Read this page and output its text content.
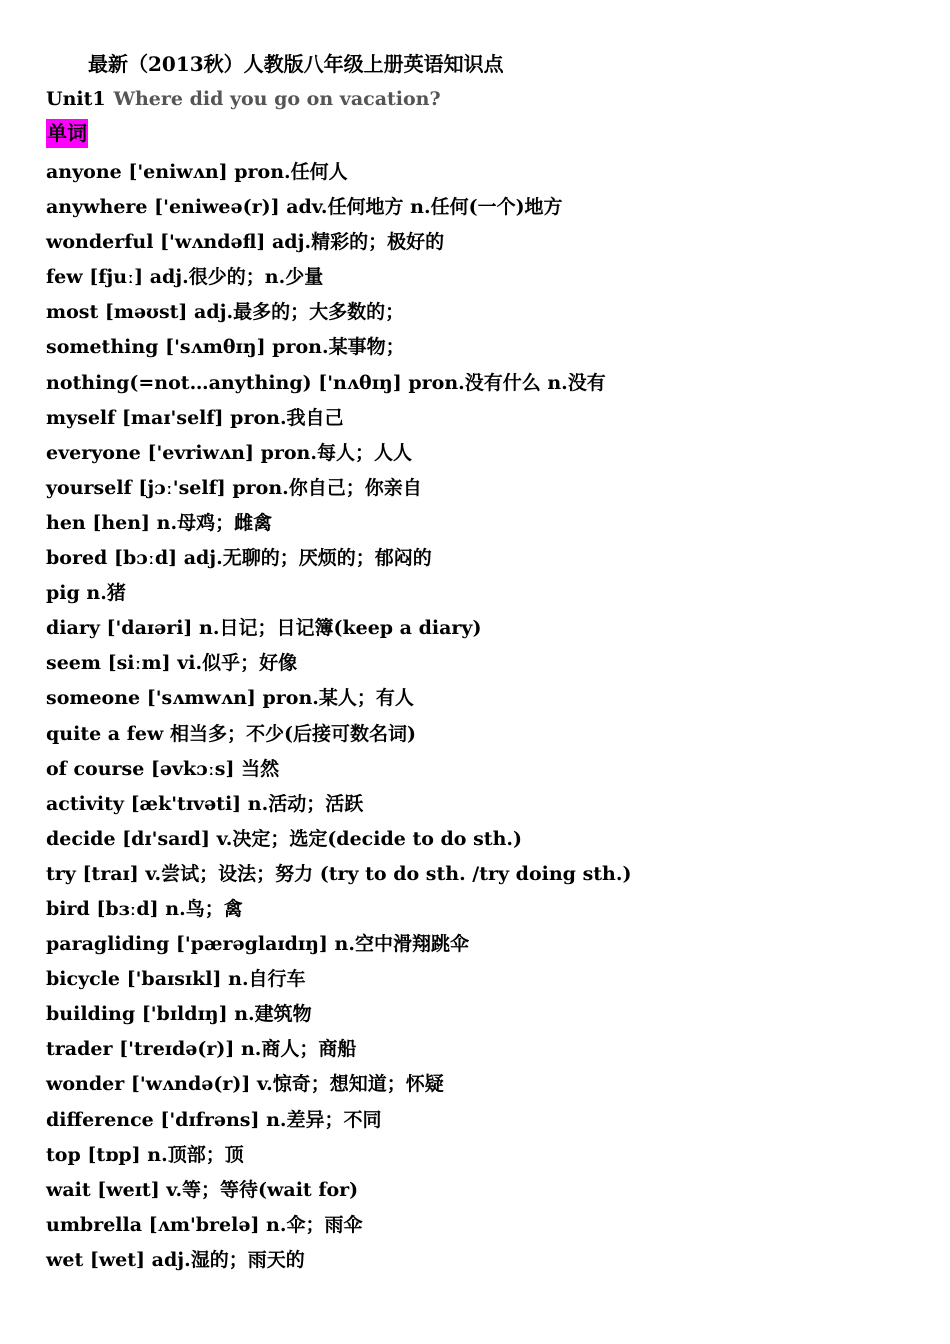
最新（2013秋）人教版八年级上册英语知识点
Unit1 Where did you go on vacation?
单词
anyone ['eniwʌn] pron.任何人
anywhere ['eniweə(r)] adv.任何地方 n.任何(一个)地方
wonderful ['wʌndəfl] adj.精彩的；极好的
few [fjuː] adj.很少的；n.少量
most [məʊst] adj.最多的；大多数的；
something ['sʌmθɪŋ] pron.某事物；
nothing(=not…anything) ['nʌθɪŋ] pron.没有什么 n.没有
myself [maɪ'self] pron.我自己
everyone ['evriwʌn] pron.每人；人人
yourself [jɔː'self] pron.你自己；你亲自
hen [hen] n.母鸡；雌禽
bored [bɔːd] adj.无聊的；厌烦的；郁闷的
pig n.猪
diary ['daɪəri] n.日记；日记簿(keep a diary)
seem [siːm] vi.似乎；好像
someone ['sʌmwʌn] pron.某人；有人
quite a few 相当多；不少(后接可数名词)
of course [əvkɔːs] 当然
activity [æk'tɪvəti] n.活动；活跃
decide [dɪ'saɪd] v.决定；选定(decide to do sth.)
try [traɪ] v.尝试；设法；努力 (try to do sth. /try doing sth.)
bird [bɜːd] n.鸟；禽
paragliding ['pærəglaɪdɪŋ] n.空中滑翔跳伞
bicycle ['baɪsɪkl] n.自行车
building ['bɪldɪŋ] n.建筑物
trader ['treɪdə(r)] n.商人；商船
wonder ['wʌndə(r)] v.惊奇；想知道；怀疑
difference ['dɪfrəns] n.差异；不同
top [tɒp] n.顶部；顶
wait [weɪt] v.等；等待(wait for)
umbrella [ʌm'brelə] n.伞；雨伞
wet [wet] adj.湿的；雨天的
